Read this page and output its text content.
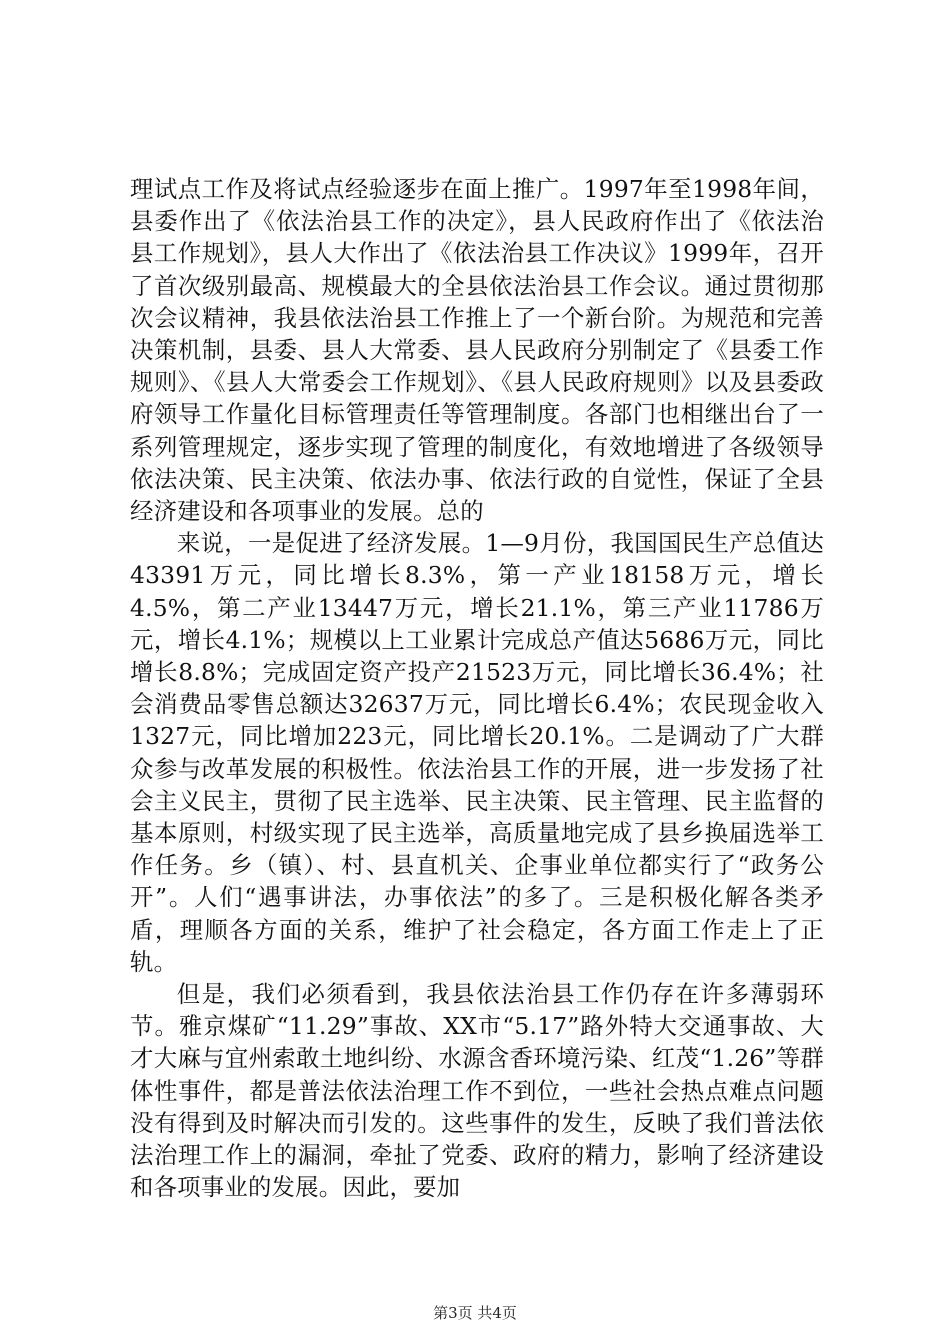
理试点工作及将试点经验逐步在面上推广。1997年至1998年间，县委作出了《依法治县工作的决定》，县人民政府作出了《依法治县工作规划》，县人大作出了《依法治县工作决议》1999年，召开了首次级别最高、规模最大的全县依法治县工作会议。通过贯彻那次会议精神，我县依法治县工作推上了一个新台阶。为规范和完善决策机制，县委、县人大常委、县人民政府分别制定了《县委工作规则》、《县人大常委会工作规划》、《县人民政府规则》以及县委政府领导工作量化目标管理责任等管理制度。各部门也相继出台了一系列管理规定，逐步实现了管理的制度化，有效地增进了各级领导依法决策、民主决策、依法办事、依法行政的自觉性，保证了全县经济建设和各项事业的发展。总的

来说，一是促进了经济发展。1—9月份，我国国民生产总值达43391万元，同比增长8.3%，第一产业18158万元，增长4.5%，第二产业13447万元，增长21.1%，第三产业11786万元，增长4.1%；规模以上工业累计完成总产值达5686万元，同比增长8.8%；完成固定资产投产21523万元，同比增长36.4%；社会消费品零售总额达32637万元，同比增长6.4%；农民现金收入1327元，同比增加223元，同比增长20.1%。二是调动了广大群众参与改革发展的积极性。依法治县工作的开展，进一步发扬了社会主义民主，贯彻了民主选举、民主决策、民主管理、民主监督的基本原则，村级实现了民主选举，高质量地完成了县乡换届选举工作任务。乡（镇）、村、县直机关、企事业单位都实行了“政务公开”。人们“遇事讲法，办事依法”的多了。三是积极化解各类矛盾，理顺各方面的关系，维护了社会稳定，各方面工作走上了正轨。

但是，我们必须看到，我县依法治县工作仍存在许多薄弱环节。雅京煤矿“11.29”事故、XX市“5.17”路外特大交通事故、大才大麻与宜州索敢土地纠纷、水源含香环境污染、红茂“1.26”等群体性事件，都是普法依法治理工作不到位，一些社会热点难点问题没有得到及时解决而引发的。这些事件的发生，反映了我们普法依法治理工作上的漏洞，牵扯了党委、政府的精力，影响了经济建设和各项事业的发展。因此，要加

第3页 共4页
